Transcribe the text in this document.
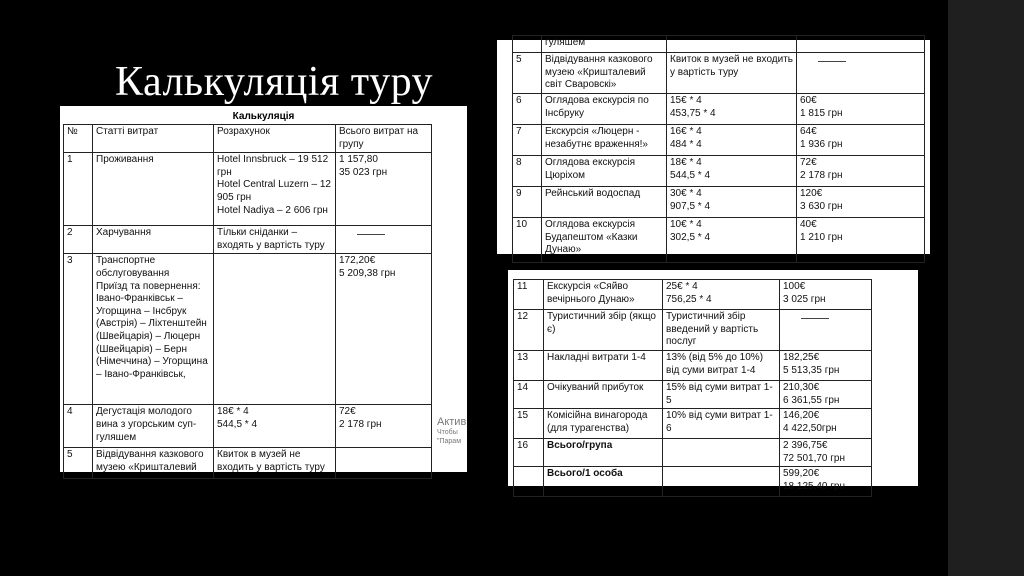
Калькуляція туру
Калькуляція
№	Статті витрат	Розрахунок	Всього витрат на групу

1	Проживання	Hotel Innsbruck – 19 512 грн
Hotel Central Luzern – 12 905 грн
Hotel Nadiya – 2 606 грн	1 157,80
35 023 грн

2	Харчування	Тільки сніданки – входять у вартість туру	

3	Транспортне обслуговування
Приїзд та повернення: Івано-Франківськ – Угорщина – Інсбрук (Австрія) – Ліхтенштейн (Швейцарія) – Люцерн (Швейцарія) – Берн (Німеччина) – Угорщина – Івано-Франківськ,		172,20€
5 209,38 грн

4	Дегустація молодого вина з угорським суп-гуляшем	18€ * 4
544,5 * 4	72€
2 178 грн

5	Відвідування казкового музею «Кришталевий	Квиток в музей не входить у вартість туру	

Актив
Чтобы
"Парам

	гуляшем		

5	Відвідування казкового музею «Кришталевий світ Сваровскі»	Квиток в музей не входить у вартість туру	

6	Оглядова екскурсія по Інсбруку	15€ * 4
453,75 * 4	60€
1 815 грн

7	Екскурсія «Люцерн - незабутнє враження!»	16€ * 4
484 * 4	64€
1 936 грн

8	Оглядова екскурсія Цюріхом	18€ * 4
544,5 * 4	72€
2 178 грн

9	Рейнський водоспад	30€ * 4
907,5 * 4	120€
3 630 грн

10	Оглядова екскурсія Будапештом «Казки Дунаю»	10€ * 4
302,5 * 4	40€
1 210 грн
11	Екскурсія «Сяйво вечірнього Дунаю»	25€ * 4
756,25 * 4	100€
3 025 грн

12	Туристичний збір (якщо є)	Туристичний збір введений у вартість послуг	

13	Накладні витрати 1-4	13% (від 5% до 10%) від суми витрат 1-4	182,25€
5 513,35 грн

14	Очікуваний прибуток	15% від суми витрат 1-5	210,30€
6 361,55 грн

15	Комісійна винагорода (для турагенства)	10% від суми витрат 1-6	146,20€
4 422,50грн

16	Всього/група		2 396,75€
72 501,70 грн

	Всього/1 особа		599,20€
18 125,40 грн
